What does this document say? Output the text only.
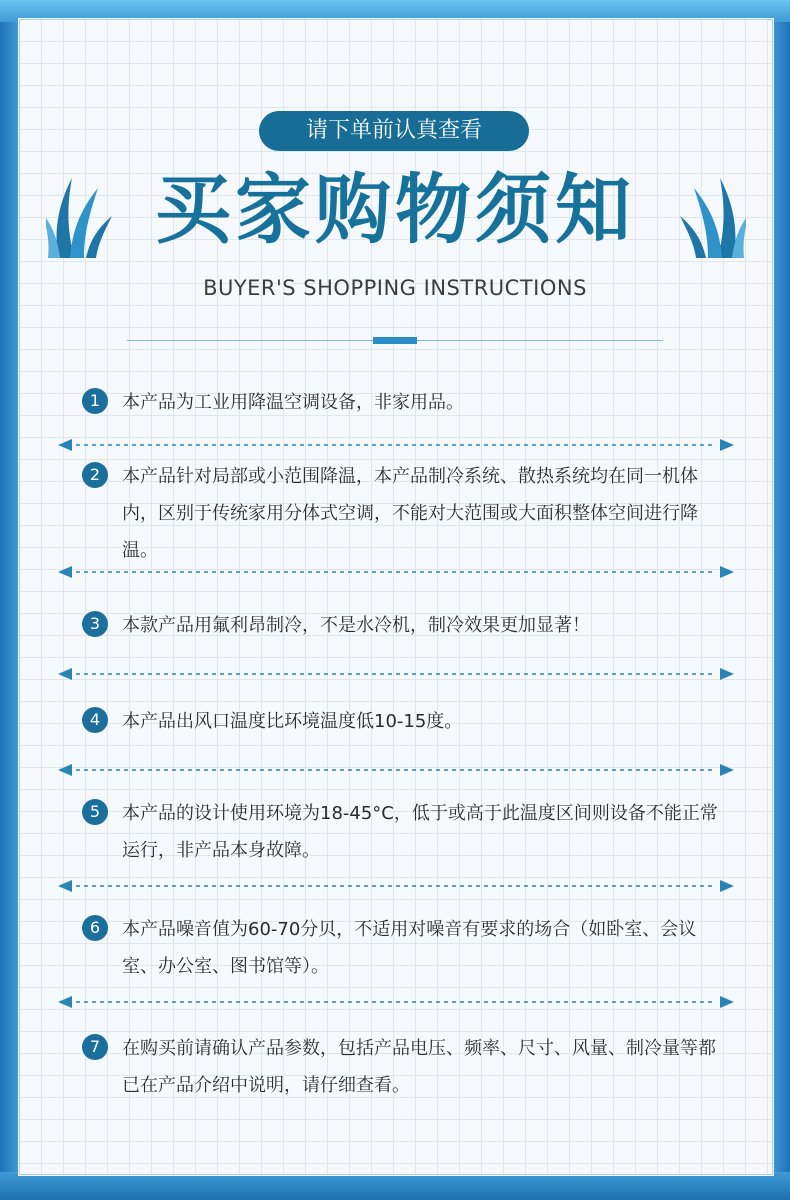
请下单前认真查看
买家购物须知
BUYER'S SHOPPING INSTRUCTIONS
1	本产品为工业用降温空调设备，非家用品。
2	本产品针对局部或小范围降温，本产品制冷系统、散热系统均在同一机体内，区别于传统家用分体式空调，不能对大范围或大面积整体空间进行降温。
3	本款产品用氟利昂制冷，不是水冷机，制冷效果更加显著！
4	本产品出风口温度比环境温度低10-15度。
5	本产品的设计使用环境为18-45°C，低于或高于此温度区间则设备不能正常运行，非产品本身故障。
6	本产品噪音值为60-70分贝，不适用对噪音有要求的场合（如卧室、会议室、办公室、图书馆等）。
7	在购买前请确认产品参数，包括产品电压、频率、尺寸、风量、制冷量等都已在产品介绍中说明，请仔细查看。
